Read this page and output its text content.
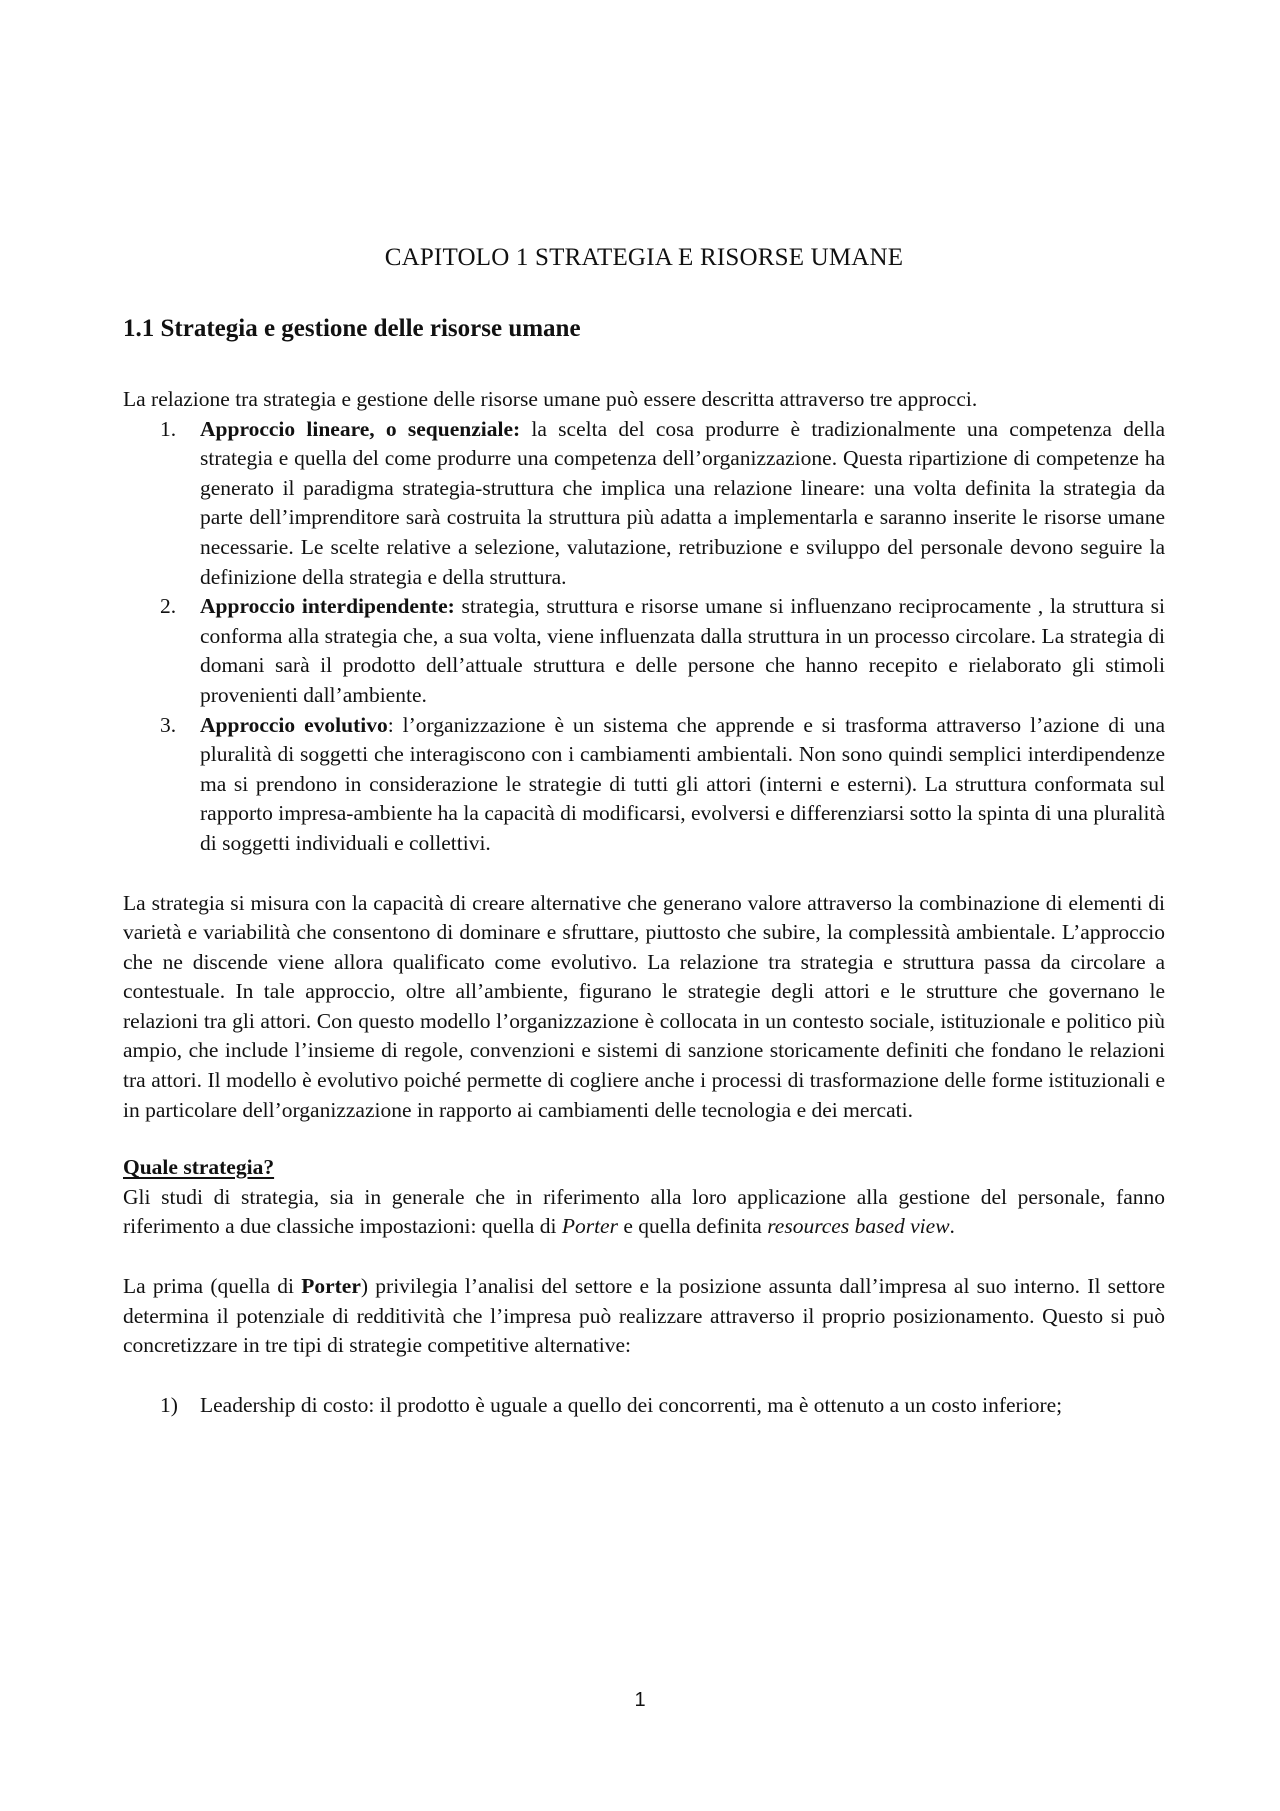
CAPITOLO 1 STRATEGIA E RISORSE UMANE
1.1 Strategia e gestione delle risorse umane

La relazione tra strategia e gestione delle risorse umane può essere descritta attraverso tre approcci.

1. Approccio lineare, o sequenziale: la scelta del cosa produrre è tradizionalmente una competenza della strategia e quella del come produrre una competenza dell’organizzazione. Questa ripartizione di competenze ha generato il paradigma strategia-struttura che implica una relazione lineare: una volta definita la strategia da parte dell’imprenditore sarà costruita la struttura più adatta a implementarla e saranno inserite le risorse umane necessarie. Le scelte relative a selezione, valutazione, retribuzione e sviluppo del personale devono seguire la definizione della strategia e della struttura.
2. Approccio interdipendente: strategia, struttura e risorse umane si influenzano reciprocamente , la struttura si conforma alla strategia che, a sua volta, viene influenzata dalla struttura in un processo circolare. La strategia di domani sarà il prodotto dell’attuale struttura e delle persone che hanno recepito e rielaborato gli stimoli provenienti dall’ambiente.
3. Approccio evolutivo: l’organizzazione è un sistema che apprende e si trasforma attraverso l’azione di una pluralità di soggetti che interagiscono con i cambiamenti ambientali. Non sono quindi semplici interdipendenze ma si prendono in considerazione le strategie di tutti gli attori (interni e esterni). La struttura conformata sul rapporto impresa-ambiente ha la capacità di modificarsi, evolversi e differenziarsi sotto la spinta di una pluralità di soggetti individuali e collettivi.

La strategia si misura con la capacità di creare alternative che generano valore attraverso la combinazione di elementi di varietà e variabilità che consentono di dominare e sfruttare, piuttosto che subire, la complessità ambientale. L’approccio che ne discende viene allora qualificato come evolutivo. La relazione tra strategia e struttura passa da circolare a contestuale. In tale approccio, oltre all’ambiente, figurano le strategie degli attori e le strutture che governano le relazioni tra gli attori. Con questo modello l’organizzazione è collocata in un contesto sociale, istituzionale e politico più ampio, che include l’insieme di regole, convenzioni e sistemi di sanzione storicamente definiti che fondano le relazioni tra attori. Il modello è evolutivo poiché permette di cogliere anche i processi di trasformazione delle forme istituzionali e in particolare dell’organizzazione in rapporto ai cambiamenti delle tecnologia e dei mercati.

Quale strategia?

Gli studi di strategia, sia in generale che in riferimento alla loro applicazione alla gestione del personale, fanno riferimento a due classiche impostazioni: quella di Porter e quella definita resources based view.

La prima (quella di Porter) privilegia l’analisi del settore e la posizione assunta dall’impresa al suo interno. Il settore determina il potenziale di redditività che l’impresa può realizzare attraverso il proprio posizionamento. Questo si può concretizzare in tre tipi di strategie competitive alternative:

1) Leadership di costo: il prodotto è uguale a quello dei concorrenti, ma è ottenuto a un costo inferiore;
1
